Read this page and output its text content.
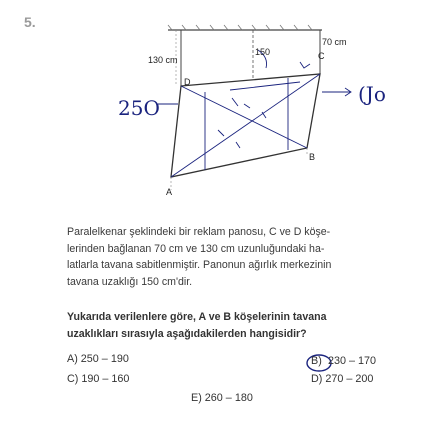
5.
70 cm
C
130 cm
150
D
B
A
25O
(Jo
Paralelkenar şeklindeki bir reklam panosu, C ve D köşe-
lerinden bağlanan 70 cm ve 130 cm uzunluğundaki ha-
latlarla tavana sabitlenmiştir. Panonun ağırlık merkezinin
tavana uzaklığı 150 cm'dir.
Yukarıda verilenlere göre, A ve B köşelerinin tavana
uzaklıkları sırasıyla aşağıdakilerden hangisidir?
A) 250 – 190
C) 190 – 160
B) 230 – 170
D) 270 – 200
E) 260 – 180
